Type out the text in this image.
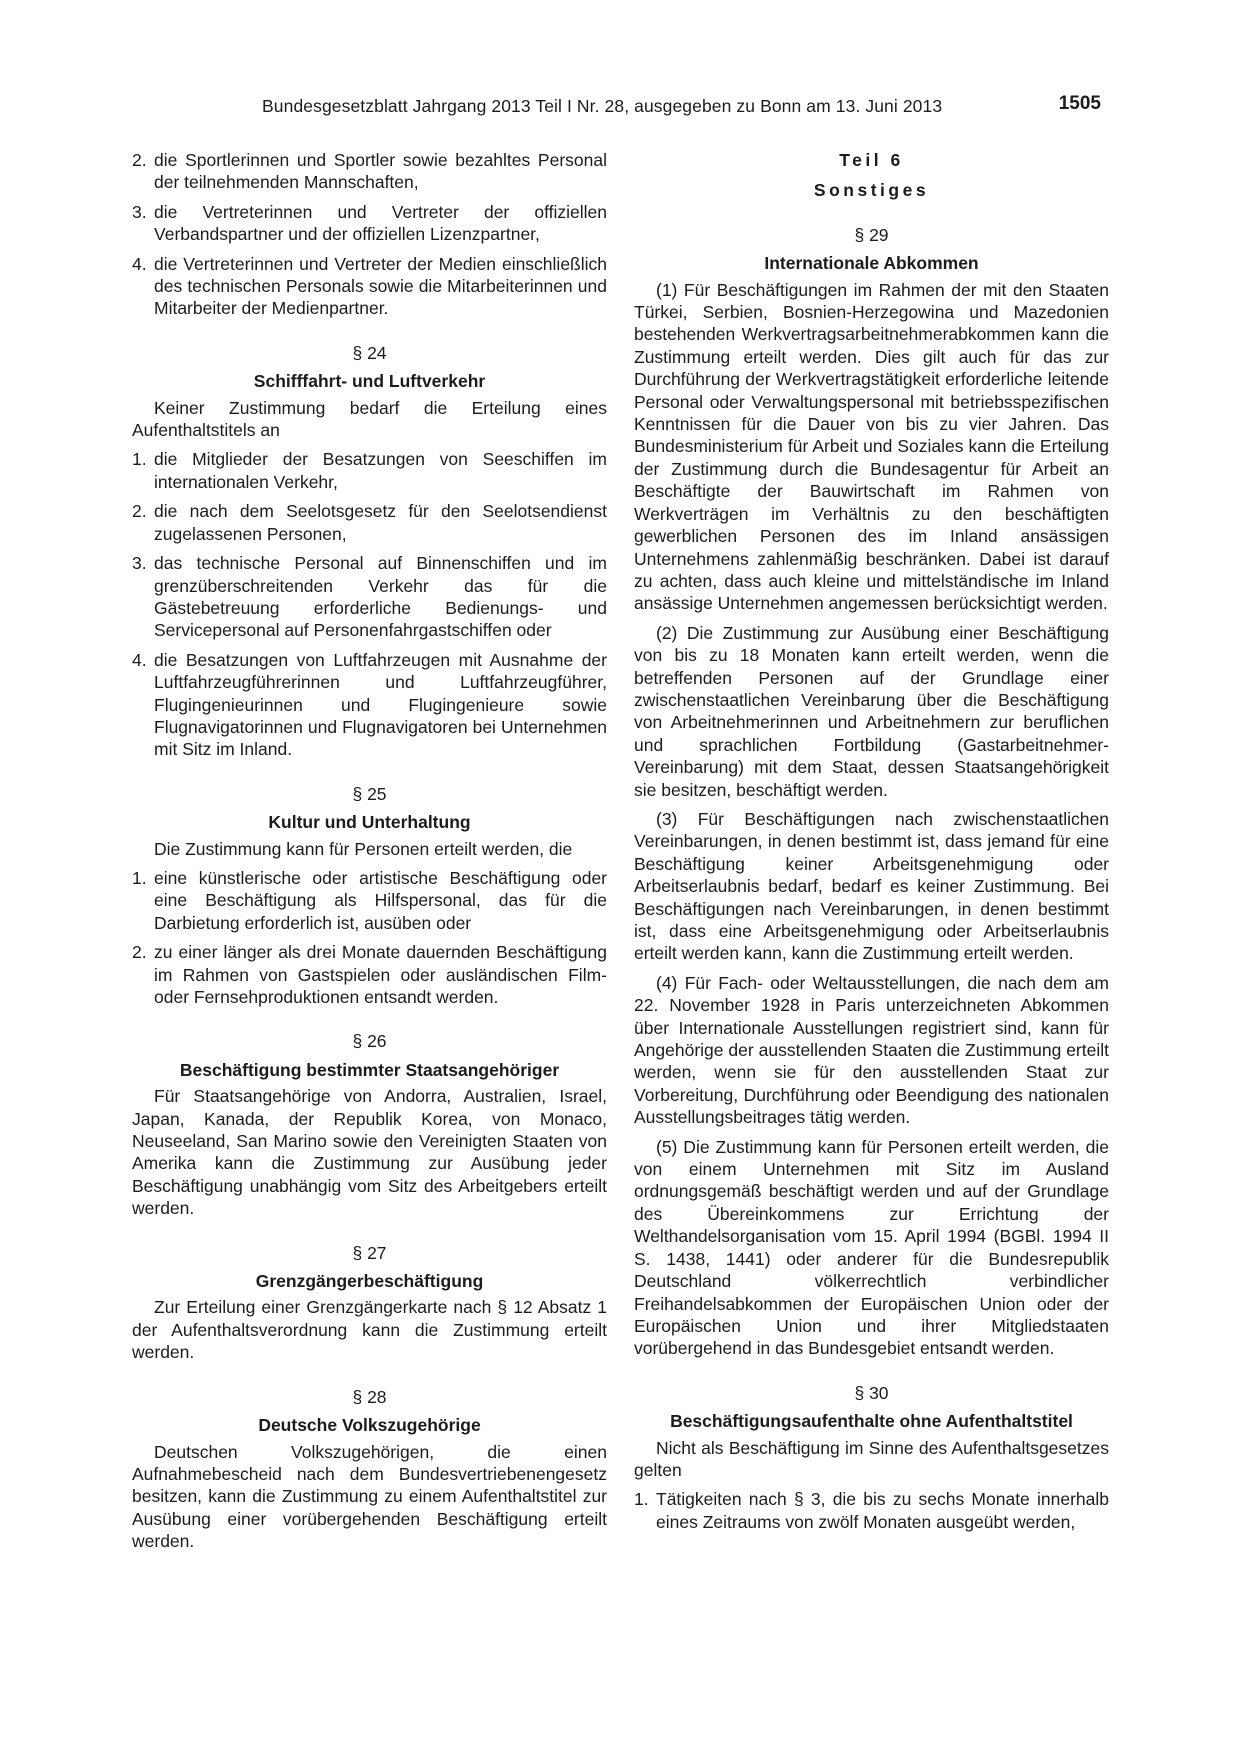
Bundesgesetzblatt Jahrgang 2013 Teil I Nr. 28, ausgegeben zu Bonn am 13. Juni 2013	1505
2. die Sportlerinnen und Sportler sowie bezahltes Personal der teilnehmenden Mannschaften,
3. die Vertreterinnen und Vertreter der offiziellen Verbandspartner und der offiziellen Lizenzpartner,
4. die Vertreterinnen und Vertreter der Medien einschließlich des technischen Personals sowie die Mitarbeiterinnen und Mitarbeiter der Medienpartner.

§ 24

Schifffahrt- und Luftverkehr

Keiner Zustimmung bedarf die Erteilung eines Aufenthaltstitels an

1. die Mitglieder der Besatzungen von Seeschiffen im internationalen Verkehr,
2. die nach dem Seelotsgesetz für den Seelotsendienst zugelassenen Personen,
3. das technische Personal auf Binnenschiffen und im grenzüberschreitenden Verkehr das für die Gästebetreuung erforderliche Bedienungs- und Servicepersonal auf Personenfahrgastschiffen oder
4. die Besatzungen von Luftfahrzeugen mit Ausnahme der Luftfahrzeugführerinnen und Luftfahrzeugführer, Flugingenieurinnen und Flugingenieure sowie Flugnavigatorinnen und Flugnavigatoren bei Unternehmen mit Sitz im Inland.

§ 25

Kultur und Unterhaltung

Die Zustimmung kann für Personen erteilt werden, die

1. eine künstlerische oder artistische Beschäftigung oder eine Beschäftigung als Hilfspersonal, das für die Darbietung erforderlich ist, ausüben oder
2. zu einer länger als drei Monate dauernden Beschäftigung im Rahmen von Gastspielen oder ausländischen Film- oder Fernsehproduktionen entsandt werden.

§ 26

Beschäftigung bestimmter Staatsangehöriger

Für Staatsangehörige von Andorra, Australien, Israel, Japan, Kanada, der Republik Korea, von Monaco, Neuseeland, San Marino sowie den Vereinigten Staaten von Amerika kann die Zustimmung zur Ausübung jeder Beschäftigung unabhängig vom Sitz des Arbeitgebers erteilt werden.

§ 27

Grenzgängerbeschäftigung

Zur Erteilung einer Grenzgängerkarte nach § 12 Absatz 1 der Aufenthaltsverordnung kann die Zustimmung erteilt werden.

§ 28

Deutsche Volkszugehörige

Deutschen Volkszugehörigen, die einen Aufnahmebescheid nach dem Bundesvertriebenengesetz besitzen, kann die Zustimmung zu einem Aufenthaltstitel zur Ausübung einer vorübergehenden Beschäftigung erteilt werden.

Teil 6

Sonstiges

§ 29

Internationale Abkommen

(1) Für Beschäftigungen im Rahmen der mit den Staaten Türkei, Serbien, Bosnien-Herzegowina und Mazedonien bestehenden Werkvertragsarbeitnehmerabkommen kann die Zustimmung erteilt werden. Dies gilt auch für das zur Durchführung der Werkvertragstätigkeit erforderliche leitende Personal oder Verwaltungspersonal mit betriebsspezifischen Kenntnissen für die Dauer von bis zu vier Jahren. Das Bundesministerium für Arbeit und Soziales kann die Erteilung der Zustimmung durch die Bundesagentur für Arbeit an Beschäftigte der Bauwirtschaft im Rahmen von Werkverträgen im Verhältnis zu den beschäftigten gewerblichen Personen des im Inland ansässigen Unternehmens zahlenmäßig beschränken. Dabei ist darauf zu achten, dass auch kleine und mittelständische im Inland ansässige Unternehmen angemessen berücksichtigt werden.

(2) Die Zustimmung zur Ausübung einer Beschäftigung von bis zu 18 Monaten kann erteilt werden, wenn die betreffenden Personen auf der Grundlage einer zwischenstaatlichen Vereinbarung über die Beschäftigung von Arbeitnehmerinnen und Arbeitnehmern zur beruflichen und sprachlichen Fortbildung (Gastarbeitnehmer-Vereinbarung) mit dem Staat, dessen Staatsangehörigkeit sie besitzen, beschäftigt werden.

(3) Für Beschäftigungen nach zwischenstaatlichen Vereinbarungen, in denen bestimmt ist, dass jemand für eine Beschäftigung keiner Arbeitsgenehmigung oder Arbeitserlaubnis bedarf, bedarf es keiner Zustimmung. Bei Beschäftigungen nach Vereinbarungen, in denen bestimmt ist, dass eine Arbeitsgenehmigung oder Arbeitserlaubnis erteilt werden kann, kann die Zustimmung erteilt werden.

(4) Für Fach- oder Weltausstellungen, die nach dem am 22. November 1928 in Paris unterzeichneten Abkommen über Internationale Ausstellungen registriert sind, kann für Angehörige der ausstellenden Staaten die Zustimmung erteilt werden, wenn sie für den ausstellenden Staat zur Vorbereitung, Durchführung oder Beendigung des nationalen Ausstellungsbeitrages tätig werden.

(5) Die Zustimmung kann für Personen erteilt werden, die von einem Unternehmen mit Sitz im Ausland ordnungsgemäß beschäftigt werden und auf der Grundlage des Übereinkommens zur Errichtung der Welthandelsorganisation vom 15. April 1994 (BGBl. 1994 II S. 1438, 1441) oder anderer für die Bundesrepublik Deutschland völkerrechtlich verbindlicher Freihandelsabkommen der Europäischen Union oder der Europäischen Union und ihrer Mitgliedstaaten vorübergehend in das Bundesgebiet entsandt werden.

§ 30

Beschäftigungsaufenthalte ohne Aufenthaltstitel

Nicht als Beschäftigung im Sinne des Aufenthaltsgesetzes gelten

1. Tätigkeiten nach § 3, die bis zu sechs Monate innerhalb eines Zeitraums von zwölf Monaten ausgeübt werden,
